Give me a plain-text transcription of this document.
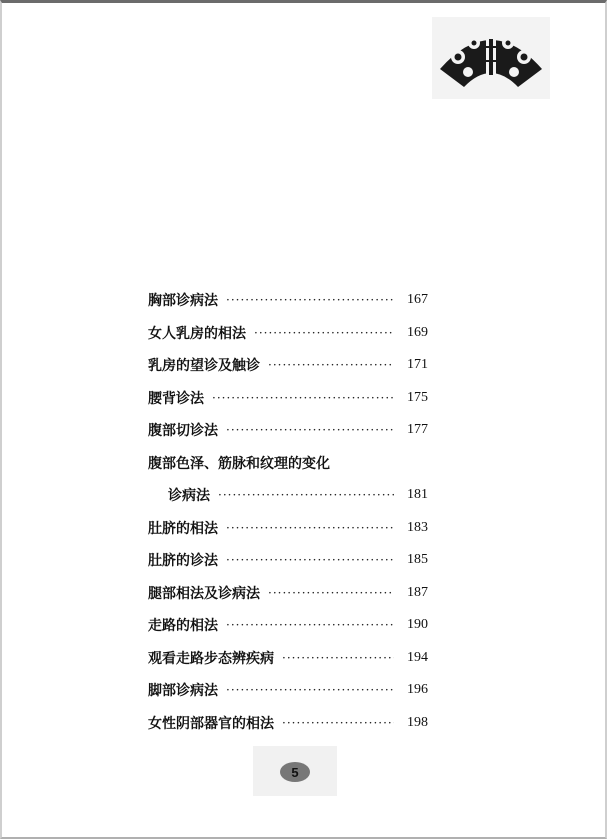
胸部诊病法 ·····	167
女人乳房的相法 ·····	169
乳房的望诊及触诊 ·····	171
腰背诊法 ·····	175
腹部切诊法 ·····	177
腹部色泽、筋脉和纹理的变化
诊病法 ·····	181
肚脐的相法 ·····	183
肚脐的诊法 ·····	185
腿部相法及诊病法 ·····	187
走路的相法 ·····	190
观看走路步态辨疾病 ·····	194
脚部诊病法 ·····	196
女性阴部器官的相法 ·····	198
5
